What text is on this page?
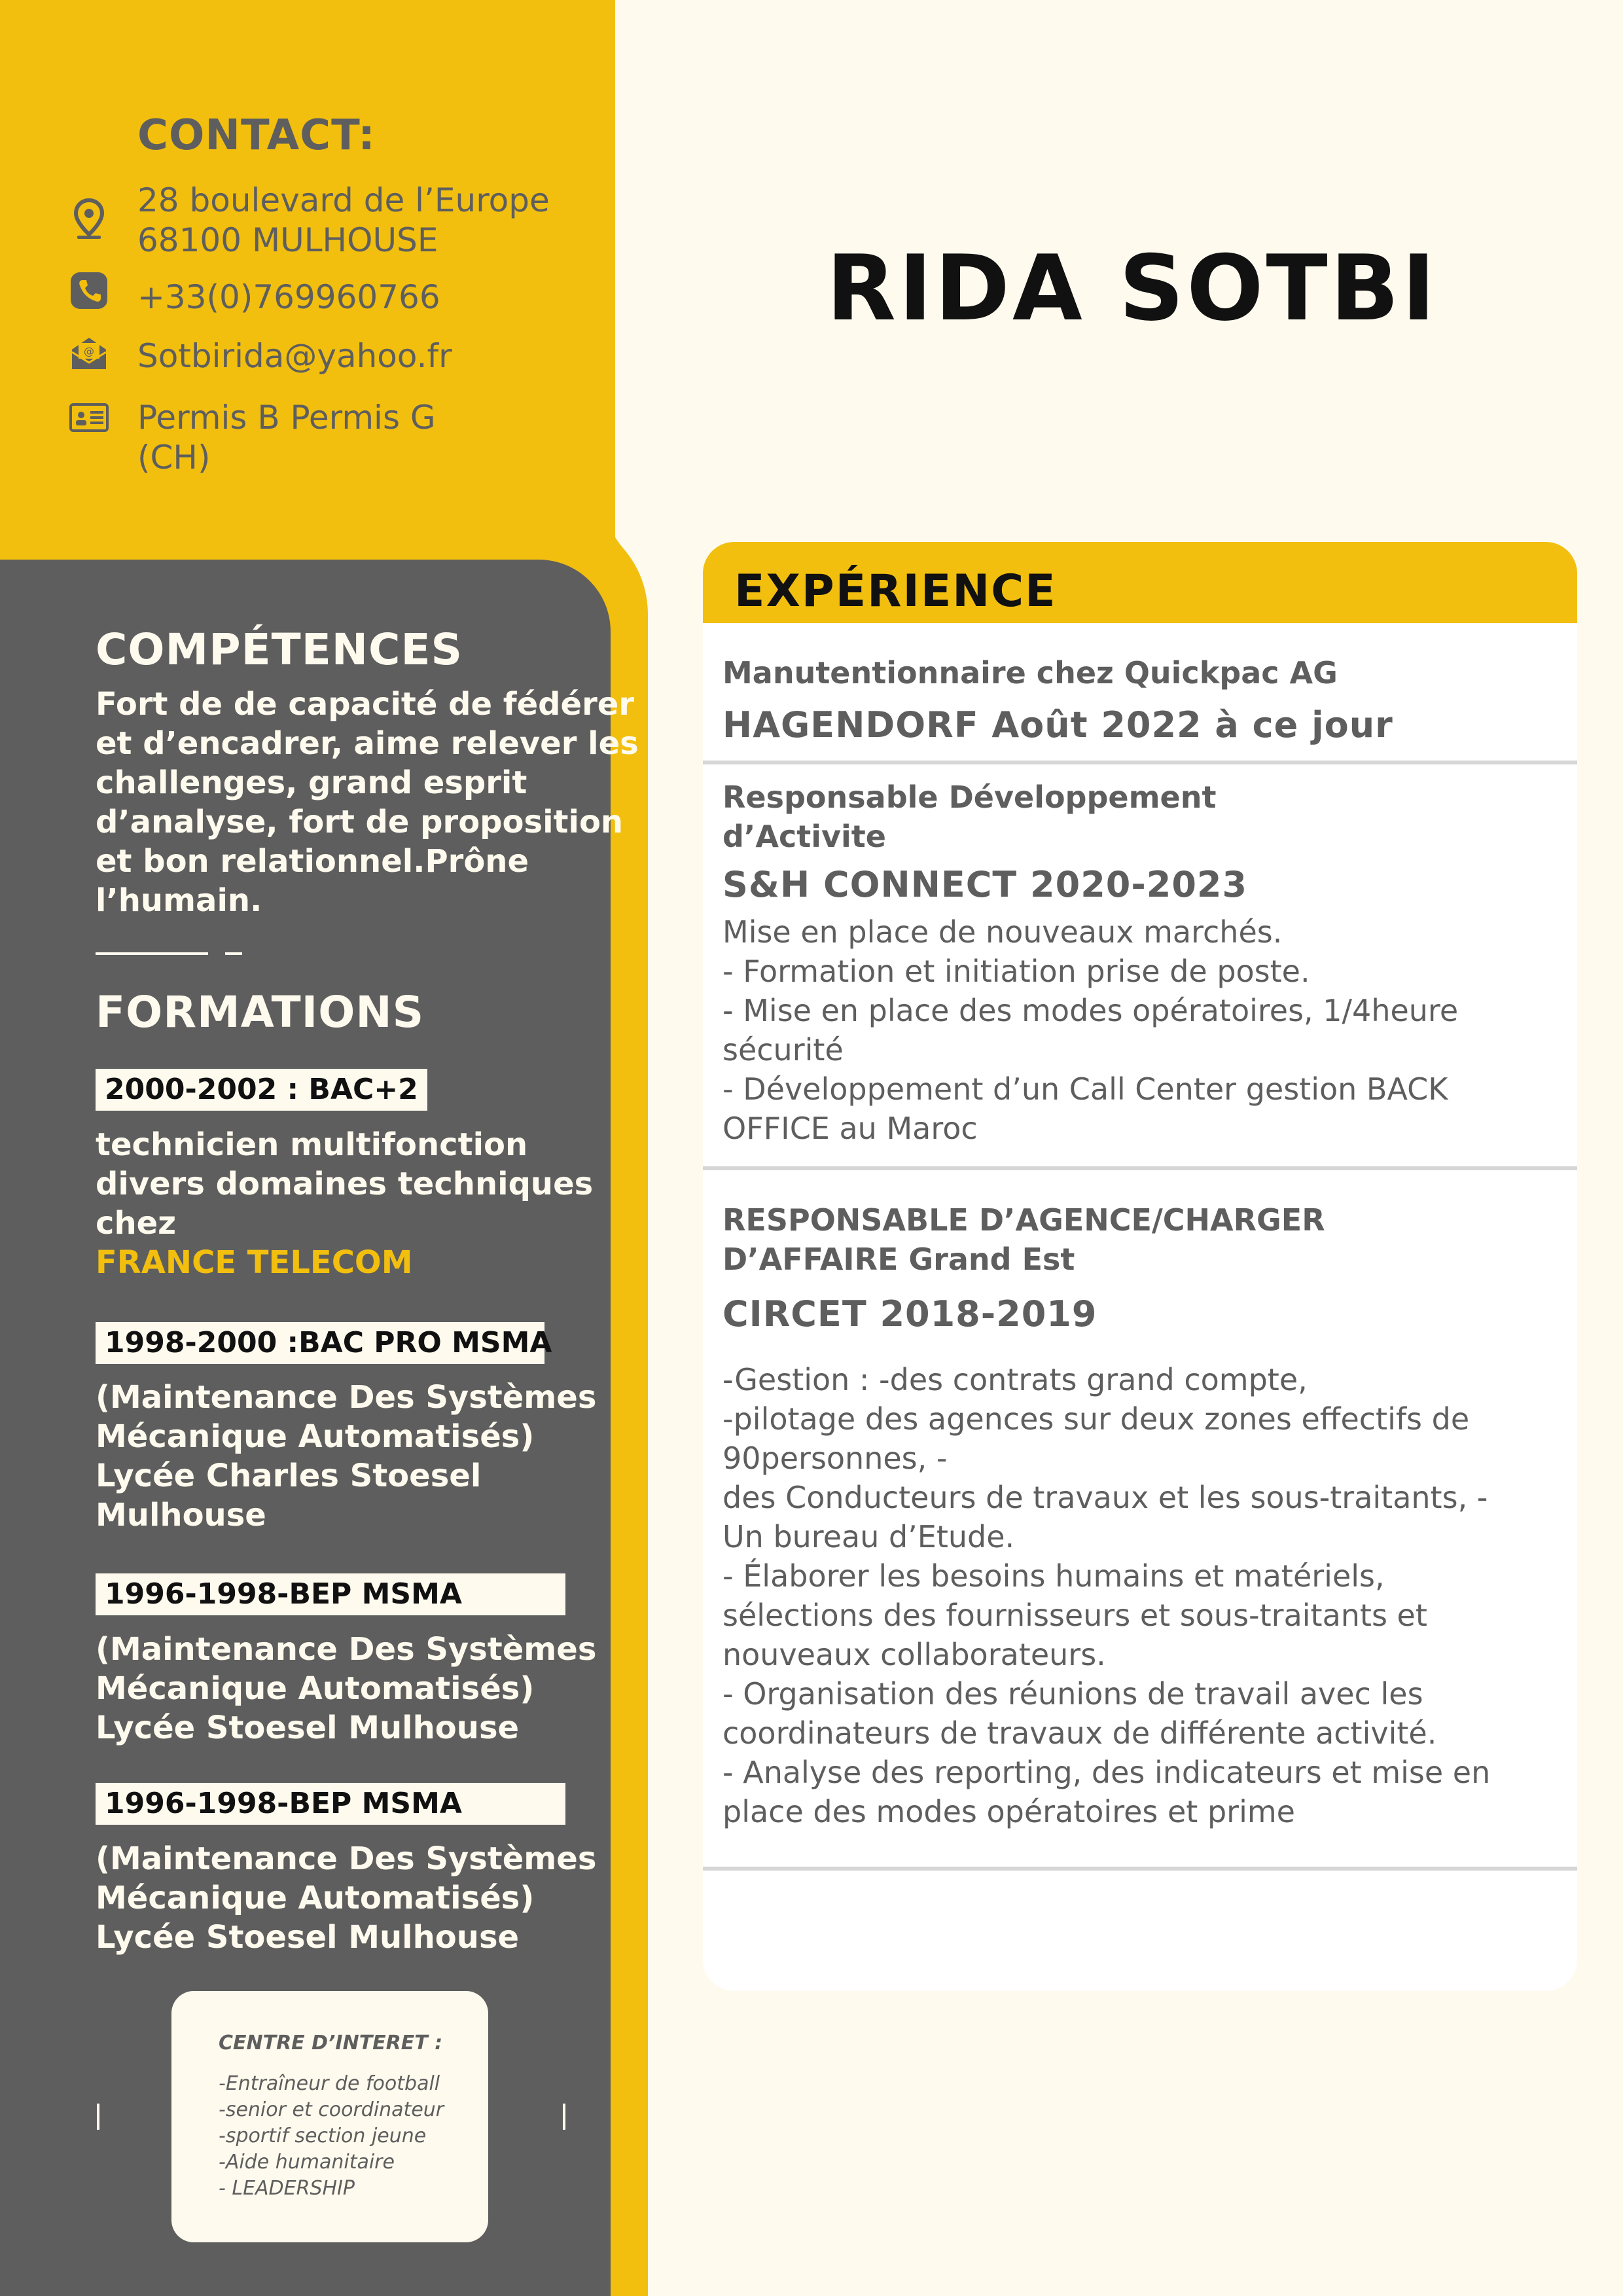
CONTACT:
28 boulevard de l’Europe
68100 MULHOUSE
+33(0)769960766
@ Sotbirida@yahoo.fr
Permis B Permis G
(CH)
RIDA SOTBI
COMPÉTENCES
Fort de de capacité de fédérer
et d’encadrer, aime relever les
challenges, grand esprit
d’analyse, fort de proposition
et bon relationnel.Prône
l’humain.
FORMATIONS
2000-2002 : BAC+2
technicien multifonction
divers domaines techniques
chez
FRANCE TELECOM
1998-2000 :BAC PRO MSMA
(Maintenance Des Systèmes
Mécanique Automatisés)
Lycée Charles Stoesel
Mulhouse
1996-1998-BEP MSMA
(Maintenance Des Systèmes
Mécanique Automatisés)
Lycée Stoesel Mulhouse
1996-1998-BEP MSMA
(Maintenance Des Systèmes
Mécanique Automatisés)
Lycée Stoesel Mulhouse
CENTRE D’INTERET :
-Entraîneur de football
-senior et coordinateur
-sportif section jeune
-Aide humanitaire
- LEADERSHIP
EXPÉRIENCE
Manutentionnaire chez Quickpac AG
HAGENDORF Août 2022 à ce jour
Responsable Développement
d’Activite
S&H CONNECT 2020-2023
Mise en place de nouveaux marchés.
- Formation et initiation prise de poste.
- Mise en place des modes opératoires, 1/4heure
sécurité
- Développement d’un Call Center gestion BACK
OFFICE au Maroc
RESPONSABLE D’AGENCE/CHARGER
D’AFFAIRE Grand Est
CIRCET 2018-2019
-Gestion : -des contrats grand compte,
-pilotage des agences sur deux zones effectifs de
90personnes, -
des Conducteurs de travaux et les sous-traitants, -
Un bureau d’Etude.
- Élaborer les besoins humains et matériels,
sélections des fournisseurs et sous-traitants et
nouveaux collaborateurs.
- Organisation des réunions de travail avec les
coordinateurs de travaux de différente activité.
- Analyse des reporting, des indicateurs et mise en
place des modes opératoires et prime
